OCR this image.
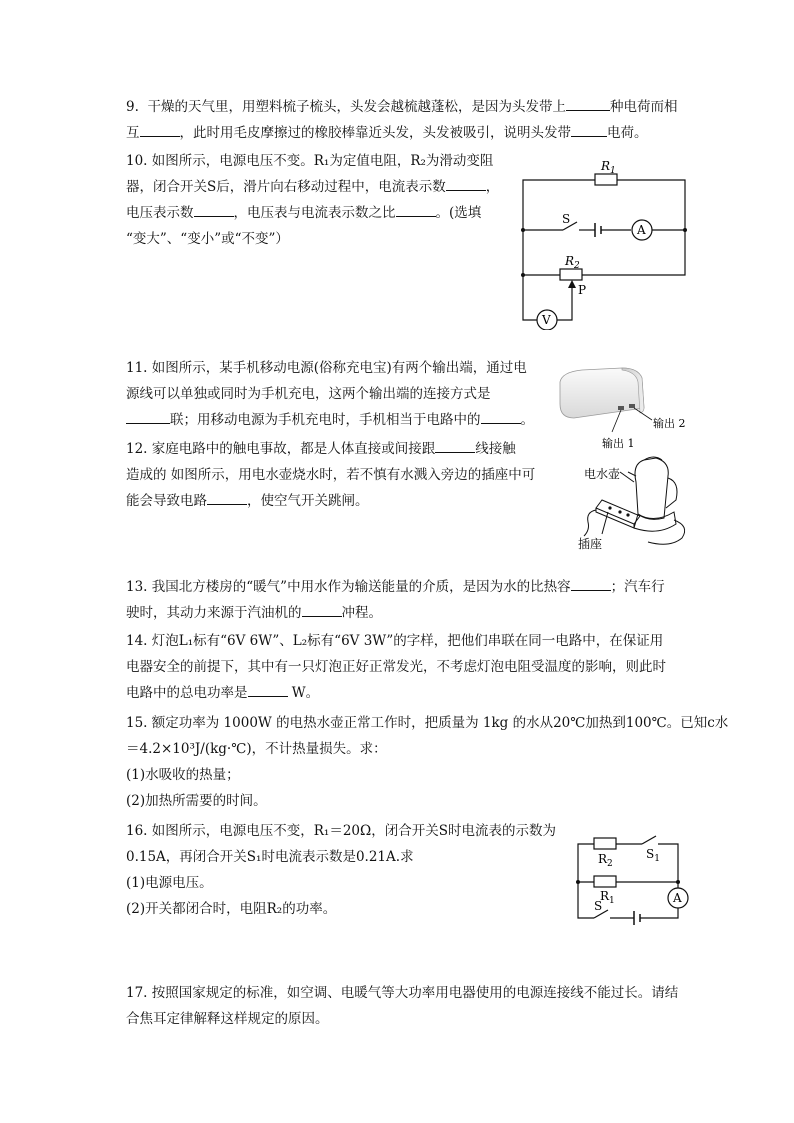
9.  干燥的天气里，用塑料梳子梳头，头发会越梳越蓬松，是因为头发带上	种电荷而相
互	，此时用毛皮摩擦过的橡胶棒靠近头发，头发被吸引，说明头发带	电荷。
10. 如图所示，电源电压不变。R₁为定值电阻，R₂为滑动变阻
器，闭合开关S后，滑片向右移动过程中，电流表示数	，
电压表示数	，电压表与电流表示数之比	。(选填
“变大”、“变小”或“不变”）
$R_1$
S
A
$R_2$
P
V
11. 如图所示，某手机移动电源(俗称充电宝)有两个输出端，通过电
源线可以单独或同时为手机充电，这两个输出端的连接方式是
联；用移动电源为手机充电时，手机相当于电路中的	。
输出 1
输出 2
12. 家庭电路中的触电事故，都是人体直接或间接跟	线接触
造成的 如图所示，用电水壶烧水时，若不慎有水溅入旁边的插座中可
能会导致电路	，使空气开关跳闸。
电水壶
插座
13. 我国北方楼房的“暖气”中用水作为输送能量的介质，是因为水的比热容	；汽车行
驶时，其动力来源于汽油机的	冲程。
14. 灯泡L₁标有“6V 6W”、L₂标有“6V 3W”的字样，把他们串联在同一电路中，在保证用
电器安全的前提下，其中有一只灯泡正好正常发光，不考虑灯泡电阻受温度的影响，则此时
电路中的总电功率是	W。
15. 额定功率为 1000W 的电热水壶正常工作时，把质量为 1kg 的水从20℃加热到100℃。已知c水
＝4.2×10³J/(kg·℃)，不计热量损失。求：
(1)水吸收的热量；
(2)加热所需要的时间。
16. 如图所示，电源电压不变，R₁＝20Ω，闭合开关S时电流表的示数为
0.15A，再闭合开关S₁时电流表示数是0.21A.求
(1)电源电压。
(2)开关都闭合时，电阻R₂的功率。
$R_2$
$S_1$
$R_1$	A
S
17. 按照国家规定的标准，如空调、电暖气等大功率用电器使用的电源连接线不能过长。请结
合焦耳定律解释这样规定的原因。
